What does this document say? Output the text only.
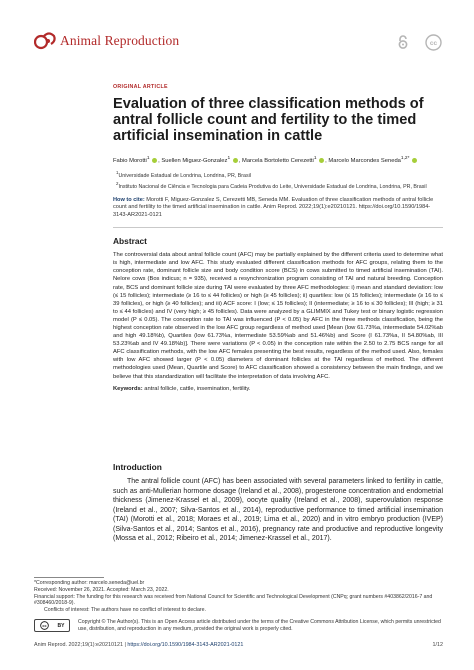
Animal Reproduction	cc
ORIGINAL ARTICLE
Evaluation of three classification methods of antral follicle count and fertility to the timed artificial insemination in cattle
Fabio Morotti$^1$ , Suellen Miguez-Gonzalez$^1$ , Marcela Bortoletto Cerezetti$^1$ , Marcelo Marcondes Seneda$^{1,2*}$

$^1$Universidade Estadual de Londrina, Londrina, PR, Brasil

$^2$Instituto Nacional de Ciência e Tecnologia para Cadeia Produtiva do Leite, Universidade Estadual de Londrina, Londrina, PR, Brasil

How to cite: Morotti F, Miguez-Gonzalez S, Cerezetti MB, Seneda MM. Evaluation of three classification methods of antral follicle count and fertility to the timed artificial insemination in cattle. Anim Reprod. 2022;19(1):e20210121. https://doi.org/10.1590/1984-3143-AR2021-0121
Abstract

The controversial data about antral follicle count (AFC) may be partially explained by the different criteria used to determine what is high, intermediate and low AFC. This study evaluated different classification methods for AFC groups, relating them to the conception rate, dominant follicle size and body condition score (BCS) in cows submitted to timed artificial insemination (TAI). Nelore cows (Bos indicus; n = 935), received a resynchronization program consisting of TAI and natural breeding. Conception rate, BCS and dominant follicle size during TAI were evaluated by three AFC methodologies: i) mean and standard deviation: low (≤ 15 follicles); intermediate (≥ 16 to ≤ 44 follicles) or high (≥ 45 follicles); ii) quartiles: low (≤ 15 follicles); intermediate (≥ 16 to ≤ 39 follicles), or high (≥ 40 follicles); and iii) ACF score: I (low; ≤ 15 follicles); II (intermediate; ≥ 16 to ≤ 30 follicles); III (high; ≥ 31 to ≤ 44 follicles) and IV (very high; ≥ 45 follicles). Data were analyzed by a GLIMMIX and Tukey test or binary logistic regression model (P ≤ 0.05). The conception rate to TAI was influenced (P < 0.05) by AFC in the three methods classification, being the highest conception rate observed in the low AFC group regardless of method used [Mean (low 61.73%a, intermediate 54.02%ab and high 49.18%b), Quartiles (low 61.73%a, intermediate 53.59%ab and 51.46%b) and Score (I 61.73%a, II 54.80%ab, III 53.23%ab and IV 49.18%b)]. There were variations (P < 0.05) in the conception rate within the 2.50 to 2.75 BCS range for all AFC classification methods, with the low AFC females presenting the best results, regardless of the method used. Also, females with low AFC showed larger (P < 0.05) diameters of dominant follicles at the TAI regardless of method. The different methodologies used (Mean, Quartile and Score) to AFC classification showed a consistency between the main findings, and we believe that this standardization will facilitate the interpretation of data involving AFC.

Keywords: antral follicle, cattle, insemination, fertility.

Introduction

The antral follicle count (AFC) has been associated with several parameters linked to fertility in cattle, such as anti-Mullerian hormone dosage (Ireland et al., 2008), progesterone concentration and endometrial thickness (Jimenez-Krassel et al., 2009), oocyte quality (Ireland et al., 2008), superovulation response (Ireland et al., 2007; Silva-Santos et al., 2014), reproductive performance to timed artificial insemination (TAI) (Morotti et al., 2018; Moraes et al., 2019; Lima et al., 2020) and in vitro embryo production (IVEP) (Silva-Santos et al., 2014; Santos et al., 2016), pregnancy rate and productive and reproductive longevity (Mossa et al., 2012; Ribeiro et al., 2014; Jimenez-Krassel et al., 2017).

*Corresponding author: marcelo.seneda@uel.br

Received: November 26, 2021. Accepted: March 23, 2022.

Financial support: The funding for this research was received from National Council for Scientific and Technological Development (CNPq; grant numbers #403862/2016-7 and #308460/2018-9).

Conflicts of interest: The authors have no conflict of interest to declare.

cc BY

Copyright © The Author(s). This is an Open Access article distributed under the terms of the Creative Commons Attribution License, which permits unrestricted use, distribution, and reproduction in any medium, provided the original work is properly cited.

Anim Reprod. 2022;19(1):e20210121 | https://doi.org/10.1590/1984-3143-AR2021-0121	1/12
